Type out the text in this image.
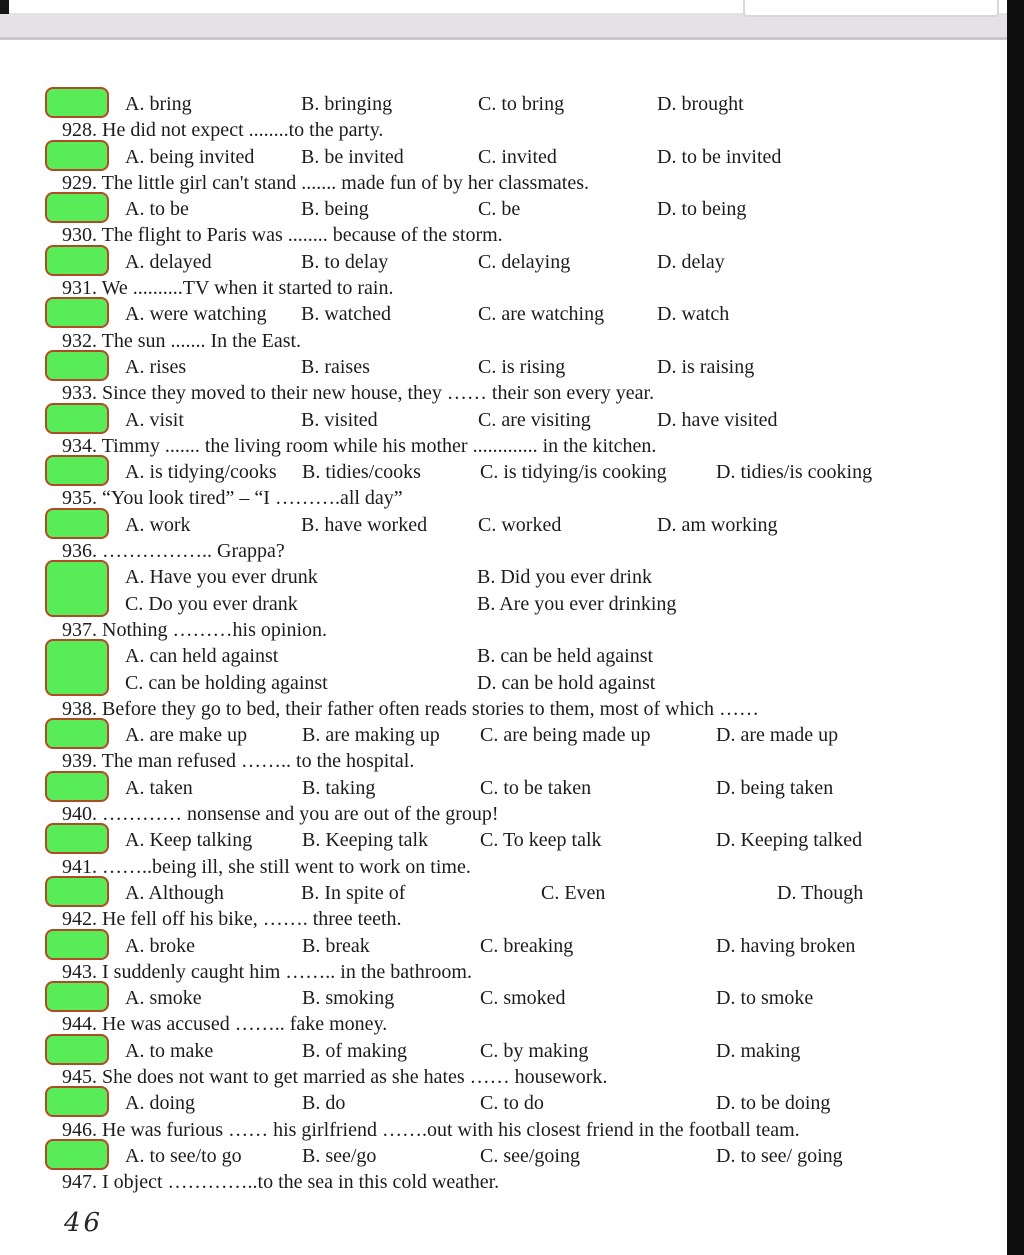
A. bring	B. bringing	C. to bring	D. brought
928. He did not expect ........to the party.
A. being invited	B. be invited	C. invited	D. to be invited
929. The little girl can't stand ....... made fun of by her classmates.
A. to be	B. being	C. be	D. to being
930. The flight to Paris was ........ because of the storm.
A. delayed	B. to delay	C. delaying	D. delay
931. We ..........TV when it started to rain.
A. were watching	B. watched	C. are watching	D. watch
932. The sun ....... In the East.
A. rises	B. raises	C. is rising	D. is raising
933. Since they moved to their new house, they …… their son every year.
A. visit	B. visited	C. are visiting	D. have visited
934. Timmy ....... the living room while his mother ............. in the kitchen.
A. is tidying/cooks	B. tidies/cooks	C. is tidying/is cooking	D. tidies/is cooking
935. “You look tired” – “I ……….all day”
A. work	B. have worked	C. worked	D. am working
936. …………….. Grappa?
A. Have you ever drunk	B. Did you ever drink
C. Do you ever drank	B. Are you ever drinking
937. Nothing ………his opinion.
A. can held against	B. can be held against
C. can be holding against	D. can be hold against
938. Before they go to bed, their father often reads stories to them, most of which ……
A. are make up	B. are making up	C. are being made up	D. are made up
939. The man refused …….. to the hospital.
A. taken	B. taking	C. to be taken	D. being taken
940. ………… nonsense and you are out of the group!
A. Keep talking	B. Keeping talk	C. To keep talk	D. Keeping talked
941. ……..being ill, she still went to work on time.
A. Although	B. In spite of	C. Even	D. Though
942. He fell off his bike, ……. three teeth.
A. broke	B. break	C. breaking	D. having broken
943. I suddenly caught him …….. in the bathroom.
A. smoke	B. smoking	C. smoked	D. to smoke
944. He was accused …….. fake money.
A. to make	B. of making	C. by making	D. making
945. She does not want to get married as she hates …… housework.
A. doing	B. do	C. to do	D. to be doing
946. He was furious …… his girlfriend …….out with his closest friend in the football team.
A. to see/to go	B. see/go	C. see/going	D. to see/ going
947. I object …………..to the sea in this cold weather.
46
